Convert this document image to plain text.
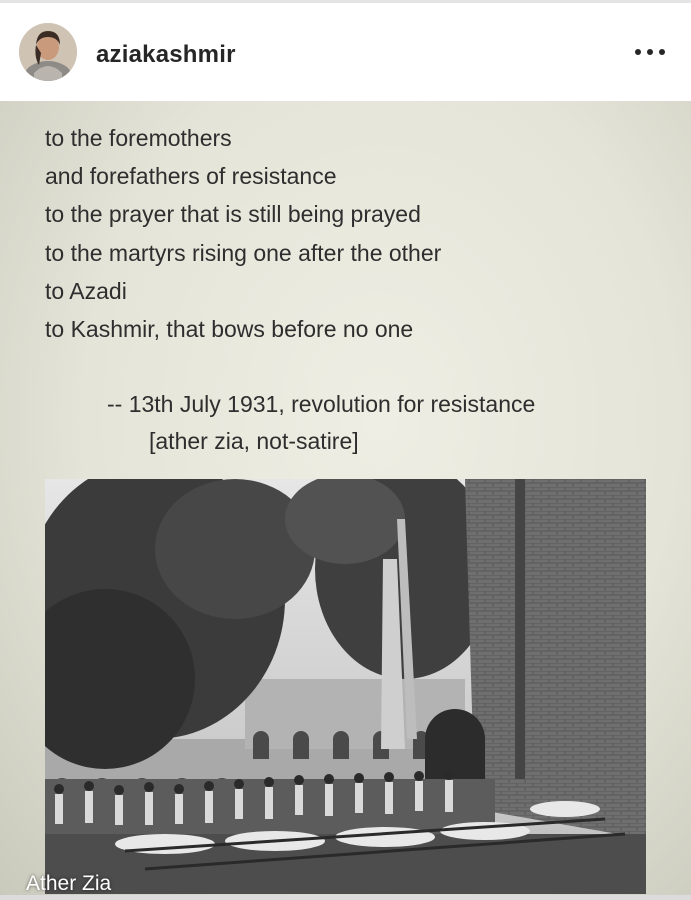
aziakashmir
to the foremothers
and forefathers of resistance
to the prayer that is still being prayed
to the martyrs rising one after the other
to Azadi
to Kashmir, that bows before no one
-- 13th July 1931, revolution for resistance
[ather zia, not-satire]
Ather Zia
